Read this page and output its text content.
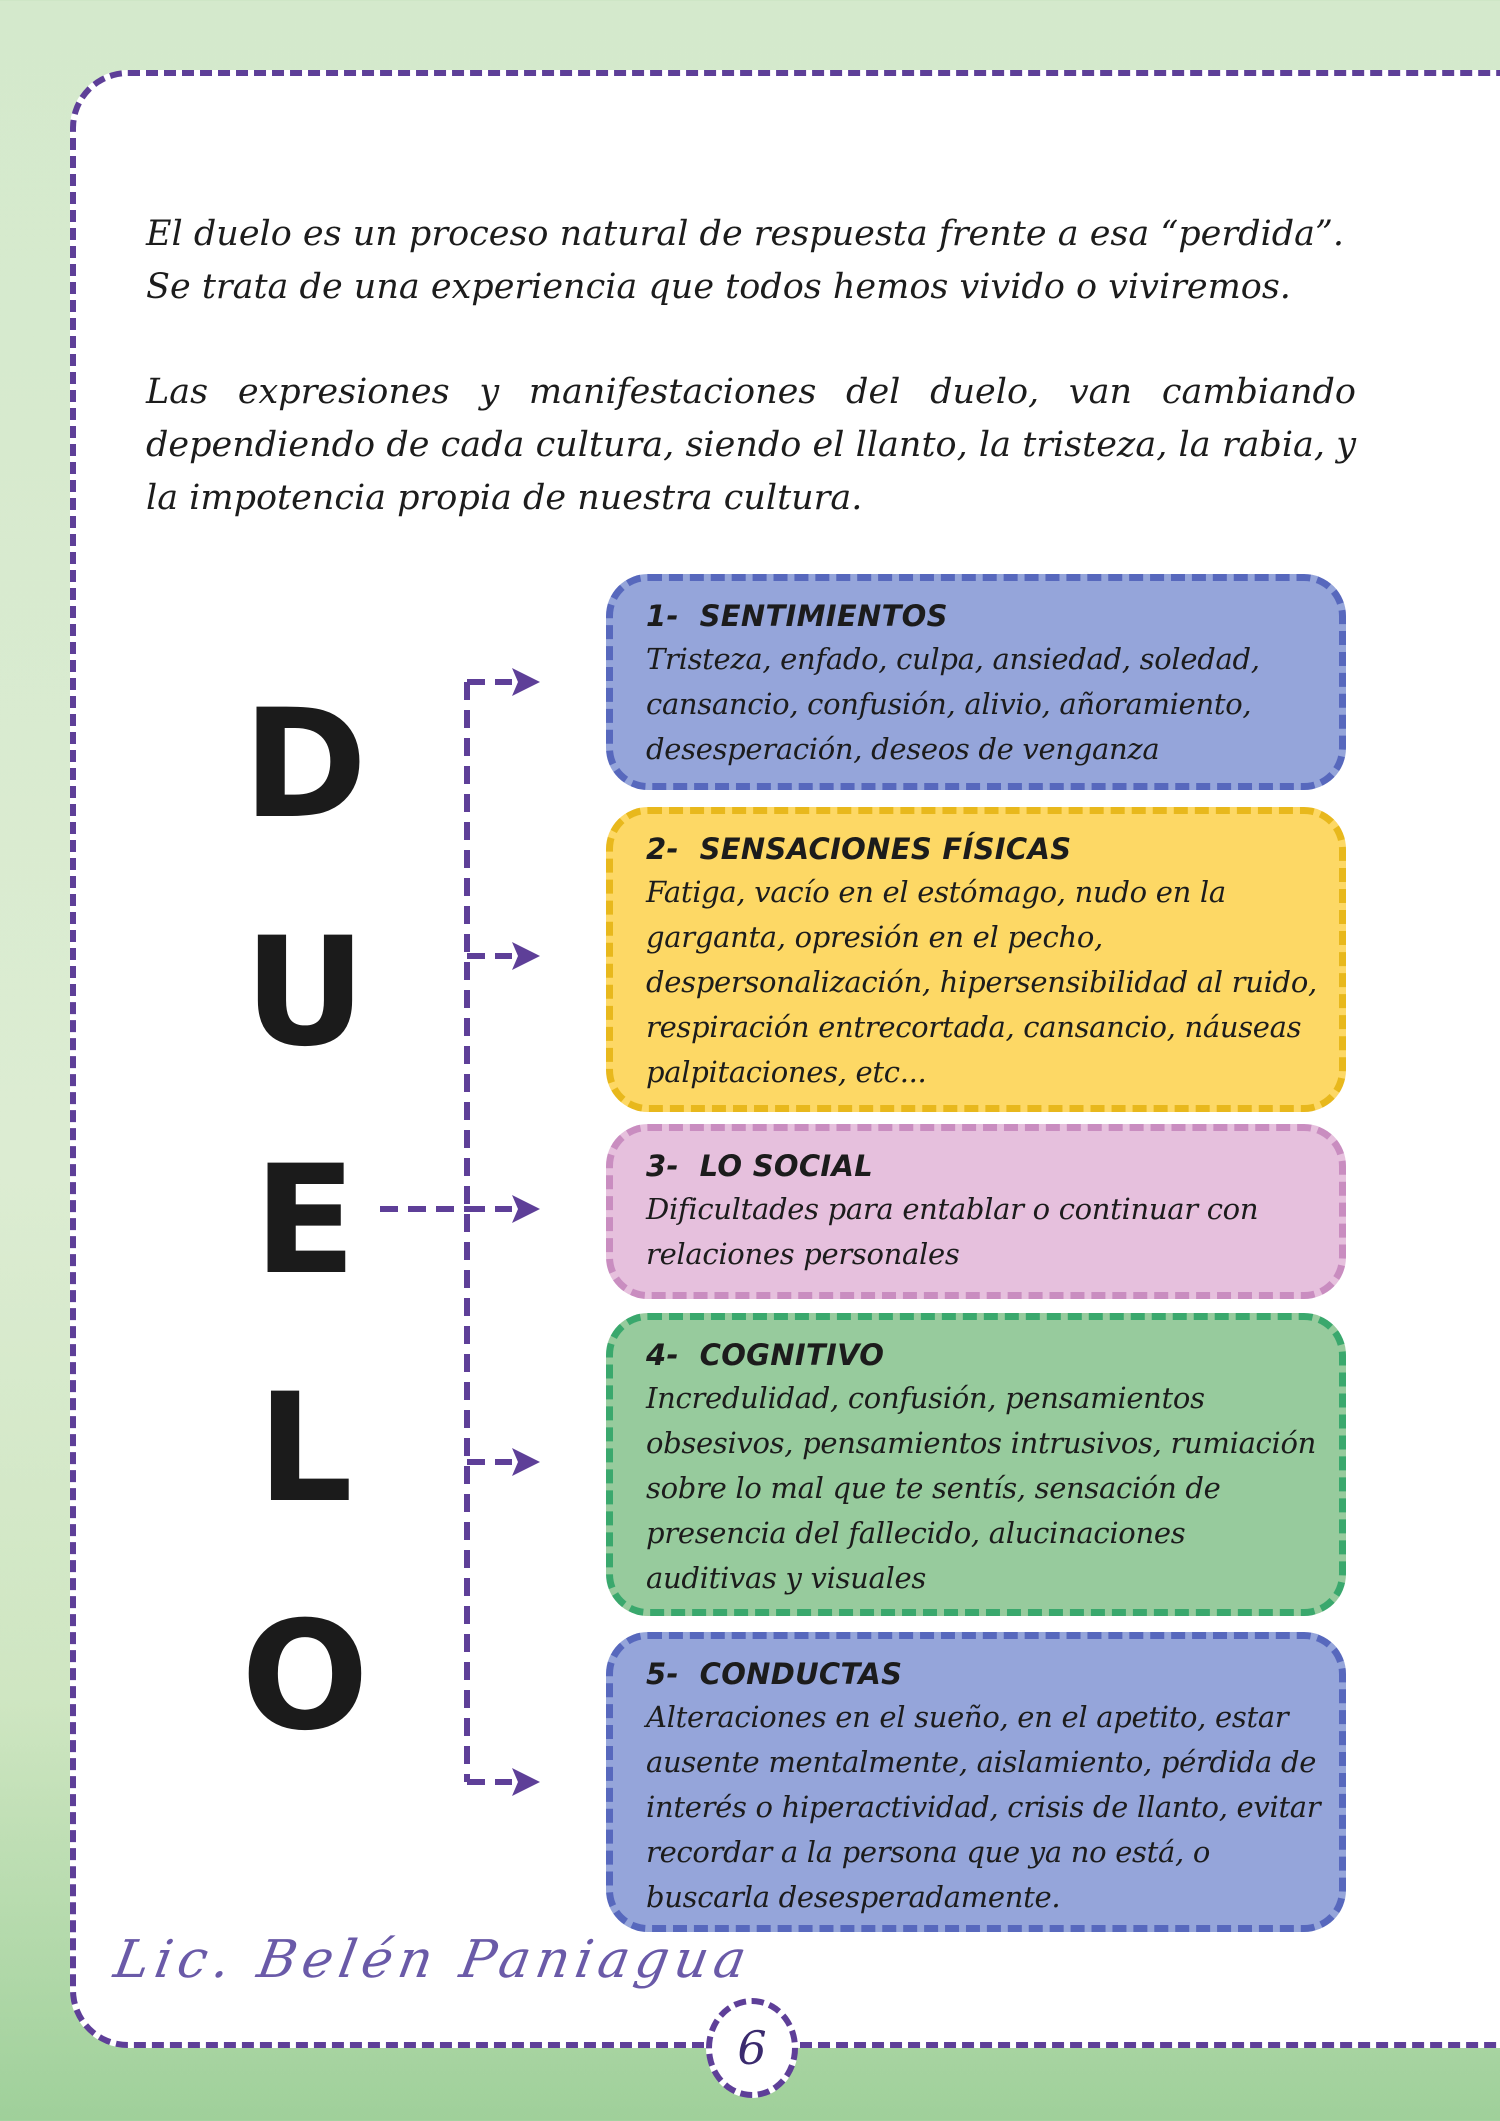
El duelo es un proceso natural de respuesta frente a esa “perdida”. Se trata de una experiencia que todos hemos vivido o viviremos.

Las expresiones y manifestaciones del duelo, van cambiando dependiendo de cada cultura, siendo el llanto, la tristeza, la rabia, y la impotencia propia de nuestra cultura.

D
U
E
L
O

1-  SENTIMIENTOS

Tristeza, enfado, culpa, ansiedad, soledad, cansancio, confusión, alivio, añoramiento, desesperación, deseos de venganza

2-  SENSACIONES FÍSICAS

Fatiga, vacío en el estómago, nudo en la garganta, opresión en el pecho, despersonalización, hipersensibilidad al ruido, respiración entrecortada, cansancio, náuseas palpitaciones, etc...

3-  LO SOCIAL

Dificultades para entablar o continuar con relaciones personales

4-  COGNITIVO

Incredulidad, confusión, pensamientos obsesivos, pensamientos intrusivos, rumiación sobre lo mal que te sentís, sensación de presencia del fallecido, alucinaciones auditivas y visuales

5-  CONDUCTAS

Alteraciones en el sueño, en el apetito, estar ausente mentalmente, aislamiento, pérdida de interés o hiperactividad, crisis de llanto, evitar recordar a la persona que ya no está, o buscarla desesperadamente.

Lic. Belén Paniagua
6
